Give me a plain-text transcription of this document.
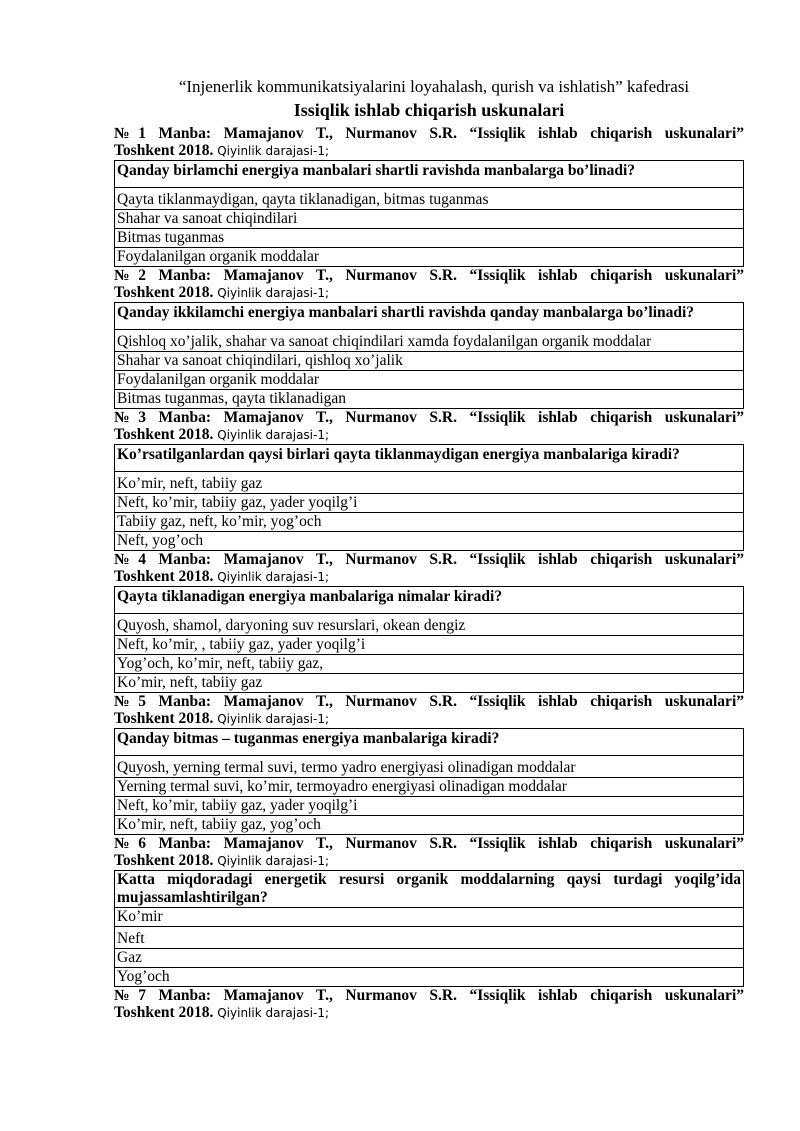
“Injenerlik kommunikatsiyalarini loyahalash, qurish va ishlatish” kafedrasi

Issiqlik ishlab chiqarish uskunalari

№1 Manba: Mamajanov T., Nurmanov S.R. “Issiqlik ishlab chiqarish uskunalari”

Toshkent 2018. Qiyinlik darajasi-1;

Qanday birlamchi energiya manbalari shartli ravishda manbalarga bo’linadi?
Qayta tiklanmaydigan, qayta tiklanadigan, bitmas tuganmas
Shahar va sanoat chiqindilari
Bitmas tuganmas
Foydalanilgan organik moddalar

№2 Manba: Mamajanov T., Nurmanov S.R. “Issiqlik ishlab chiqarish uskunalari”

Toshkent 2018. Qiyinlik darajasi-1;

Qanday ikkilamchi energiya manbalari shartli ravishda qanday manbalarga bo’linadi?
Qishloq xo’jalik, shahar va sanoat chiqindilari xamda foydalanilgan organik moddalar
Shahar va sanoat chiqindilari, qishloq xo’jalik
Foydalanilgan organik moddalar
Bitmas tuganmas, qayta tiklanadigan

№3 Manba: Mamajanov T., Nurmanov S.R. “Issiqlik ishlab chiqarish uskunalari”

Toshkent 2018. Qiyinlik darajasi-1;

Ko’rsatilganlardan qaysi birlari qayta tiklanmaydigan energiya manbalariga kiradi?
Ko’mir, neft, tabiiy gaz
Neft, ko’mir, tabiiy gaz, yader yoqilg’i
Tabiiy gaz, neft, ko’mir, yog’och
Neft, yog’och

№4 Manba: Mamajanov T., Nurmanov S.R. “Issiqlik ishlab chiqarish uskunalari”

Toshkent 2018. Qiyinlik darajasi-1;

Qayta tiklanadigan energiya manbalariga nimalar kiradi?
Quyosh, shamol, daryoning suv resurslari, okean dengiz
Neft, ko’mir, , tabiiy gaz, yader yoqilg’i
Yog’och, ko’mir, neft, tabiiy gaz,
Ko’mir, neft, tabiiy gaz

№5 Manba: Mamajanov T., Nurmanov S.R. “Issiqlik ishlab chiqarish uskunalari”

Toshkent 2018. Qiyinlik darajasi-1;

Qanday bitmas – tuganmas energiya manbalariga kiradi?
Quyosh, yerning termal suvi, termo yadro energiyasi olinadigan moddalar
Yerning termal suvi, ko’mir, termoyadro energiyasi olinadigan moddalar
Neft, ko’mir, tabiiy gaz, yader yoqilg’i
Ko’mir, neft, tabiiy gaz, yog’och

№6 Manba: Mamajanov T., Nurmanov S.R. “Issiqlik ishlab chiqarish uskunalari”

Toshkent 2018. Qiyinlik darajasi-1;

Katta miqdoradagi energetik resursi organik moddalarning qaysi turdagi yoqilg’ida mujassamlashtirilgan?
Ko’mir
Neft
Gaz
Yog’och

№7 Manba: Mamajanov T., Nurmanov S.R. “Issiqlik ishlab chiqarish uskunalari”

Toshkent 2018. Qiyinlik darajasi-1;
